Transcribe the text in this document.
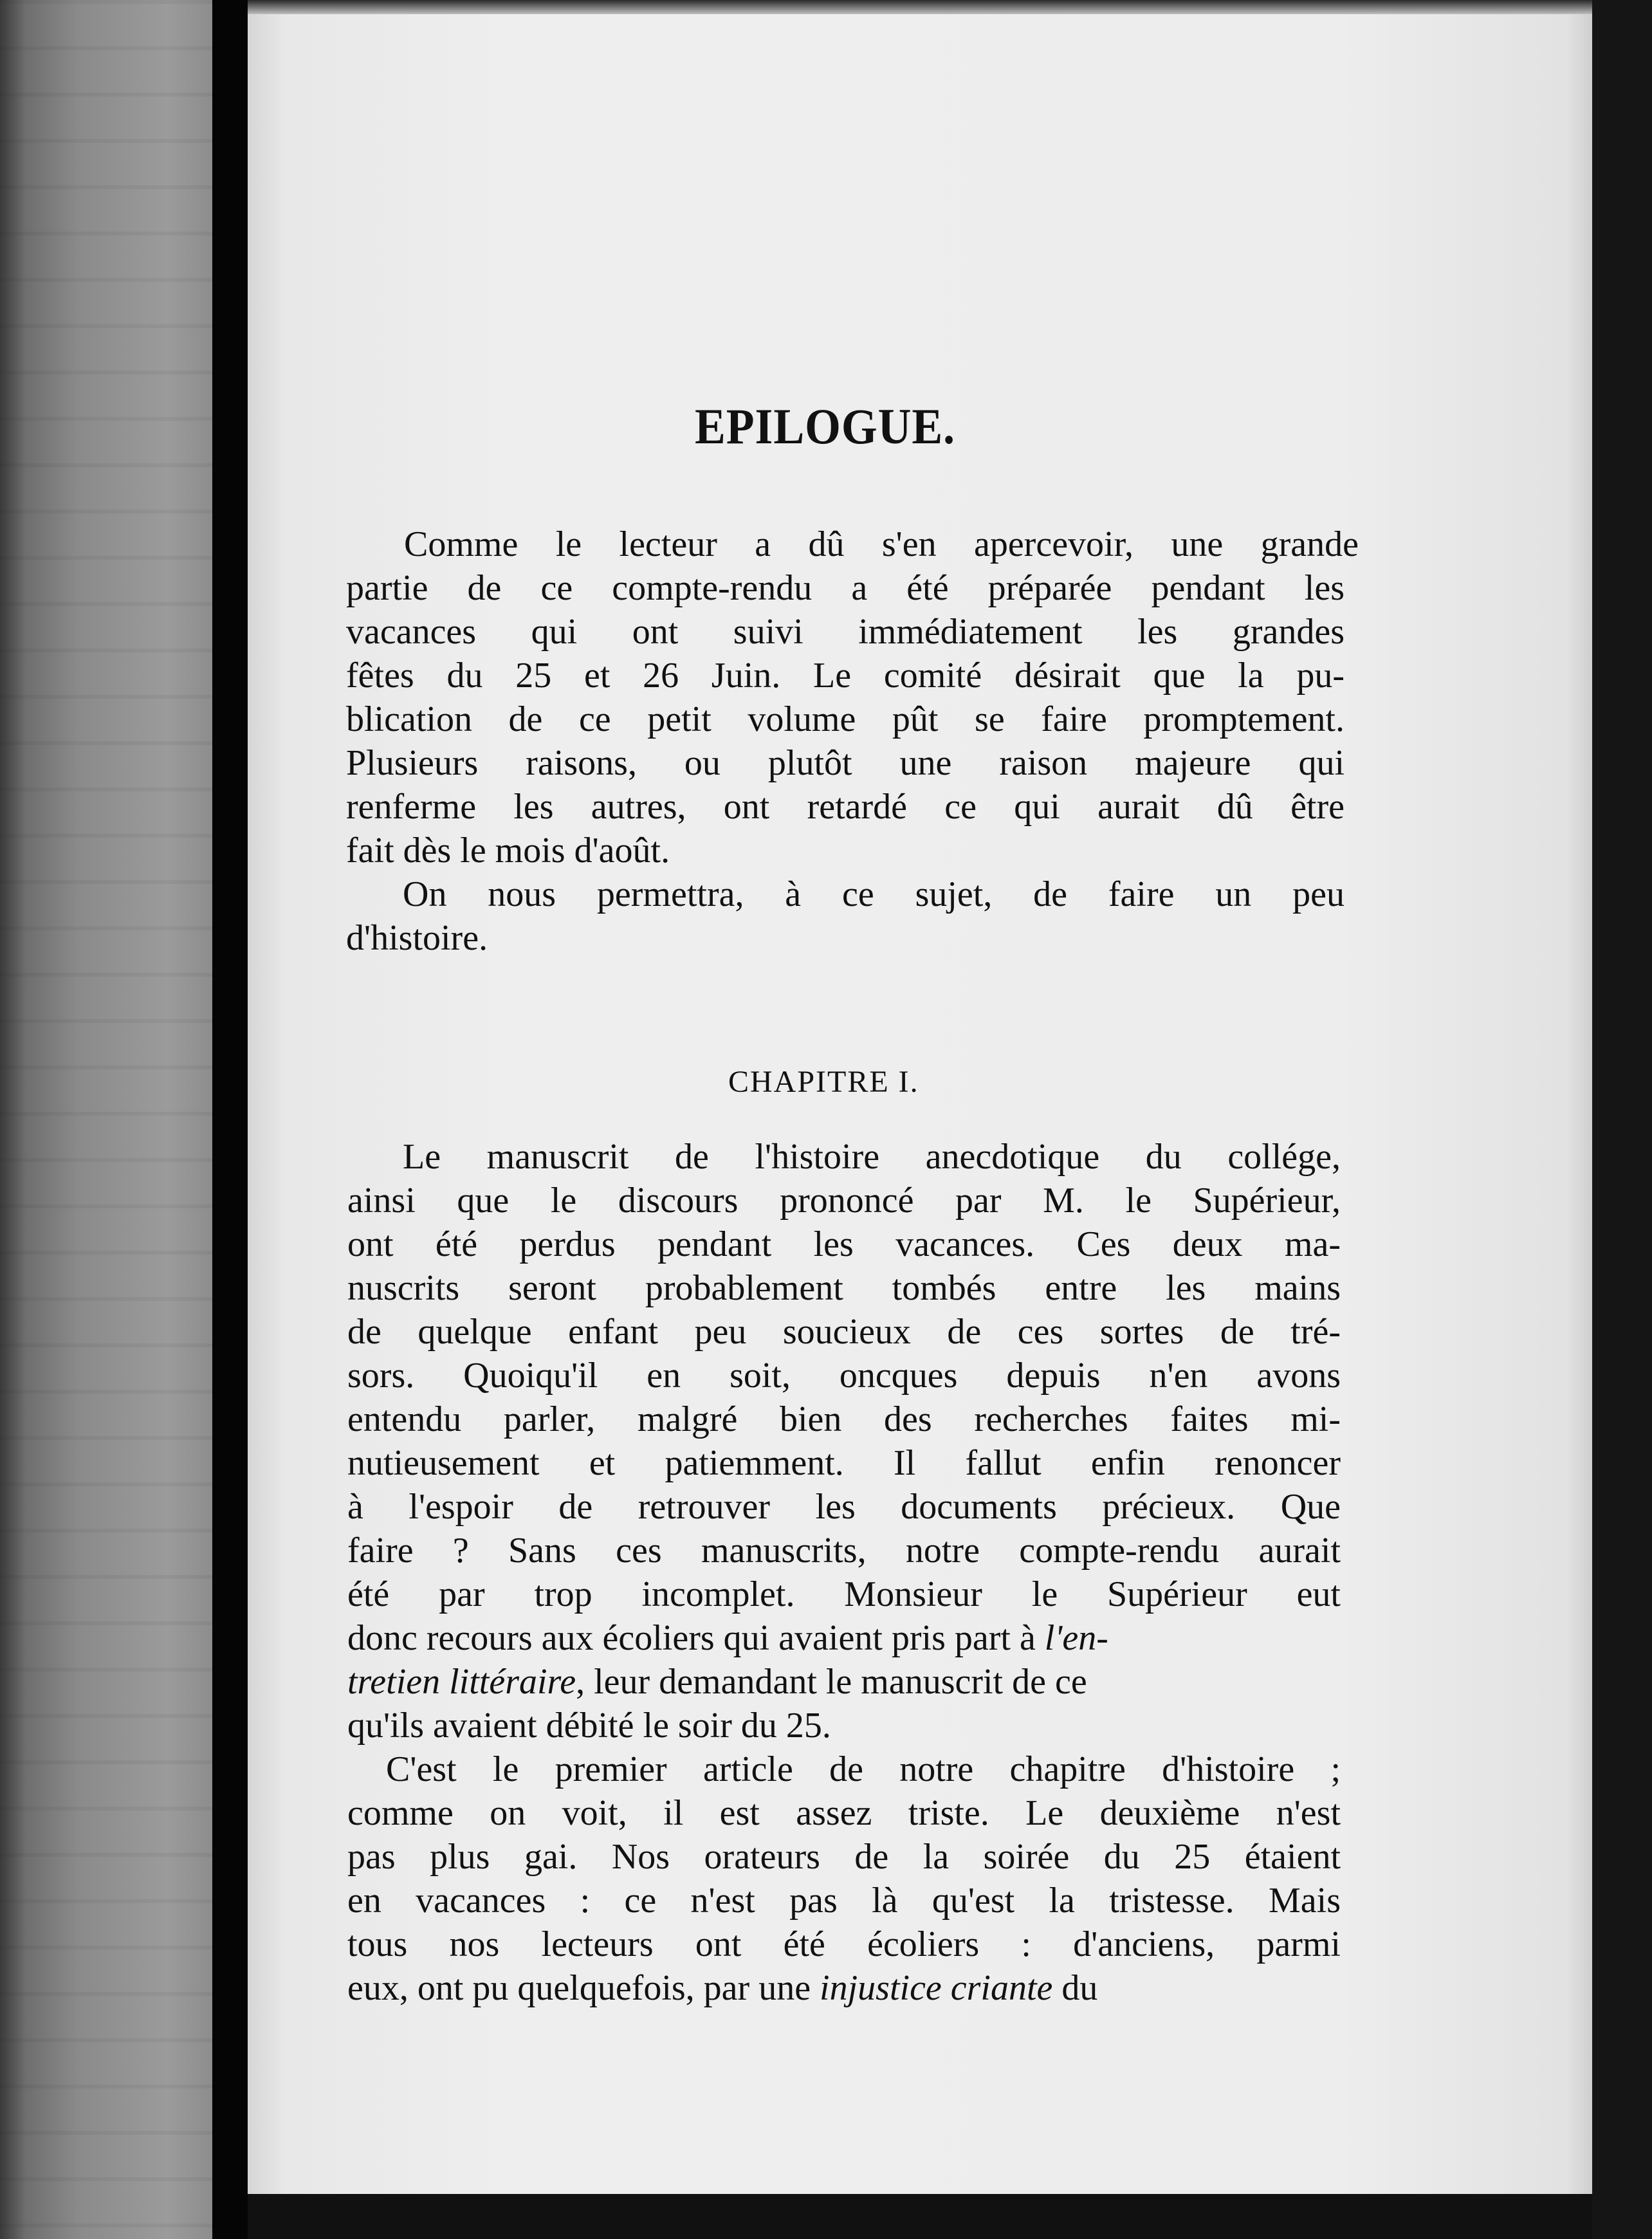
EPILOGUE.
Comme le lecteur a dû s'en apercevoir, une grande
partie de ce compte-rendu a été préparée pendant les
vacances qui ont suivi immédiatement les grandes
fêtes du 25 et 26 Juin. Le comité désirait que la pu-
blication de ce petit volume pût se faire promptement.
Plusieurs raisons, ou plutôt une raison majeure qui
renferme les autres, ont retardé ce qui aurait dû être
fait dès le mois d'août.
On nous permettra, à ce sujet, de faire un peu
d'histoire.
CHAPITRE I.
Le manuscrit de l'histoire anecdotique du collége,
ainsi que le discours prononcé par M. le Supérieur,
ont été perdus pendant les vacances. Ces deux ma-
nuscrits seront probablement tombés entre les mains
de quelque enfant peu soucieux de ces sortes de tré-
sors. Quoiqu'il en soit, oncques depuis n'en avons
entendu parler, malgré bien des recherches faites mi-
nutieusement et patiemment. Il fallut enfin renoncer
à l'espoir de retrouver les documents précieux. Que
faire ? Sans ces manuscrits, notre compte-rendu aurait
été par trop incomplet. Monsieur le Supérieur eut
donc recours aux écoliers qui avaient pris part à l'en-
tretien littéraire, leur demandant le manuscrit de ce
qu'ils avaient débité le soir du 25.
C'est le premier article de notre chapitre d'histoire ;
comme on voit, il est assez triste. Le deuxième n'est
pas plus gai. Nos orateurs de la soirée du 25 étaient
en vacances : ce n'est pas là qu'est la tristesse. Mais
tous nos lecteurs ont été écoliers : d'anciens, parmi
eux, ont pu quelquefois, par une injustice criante du
